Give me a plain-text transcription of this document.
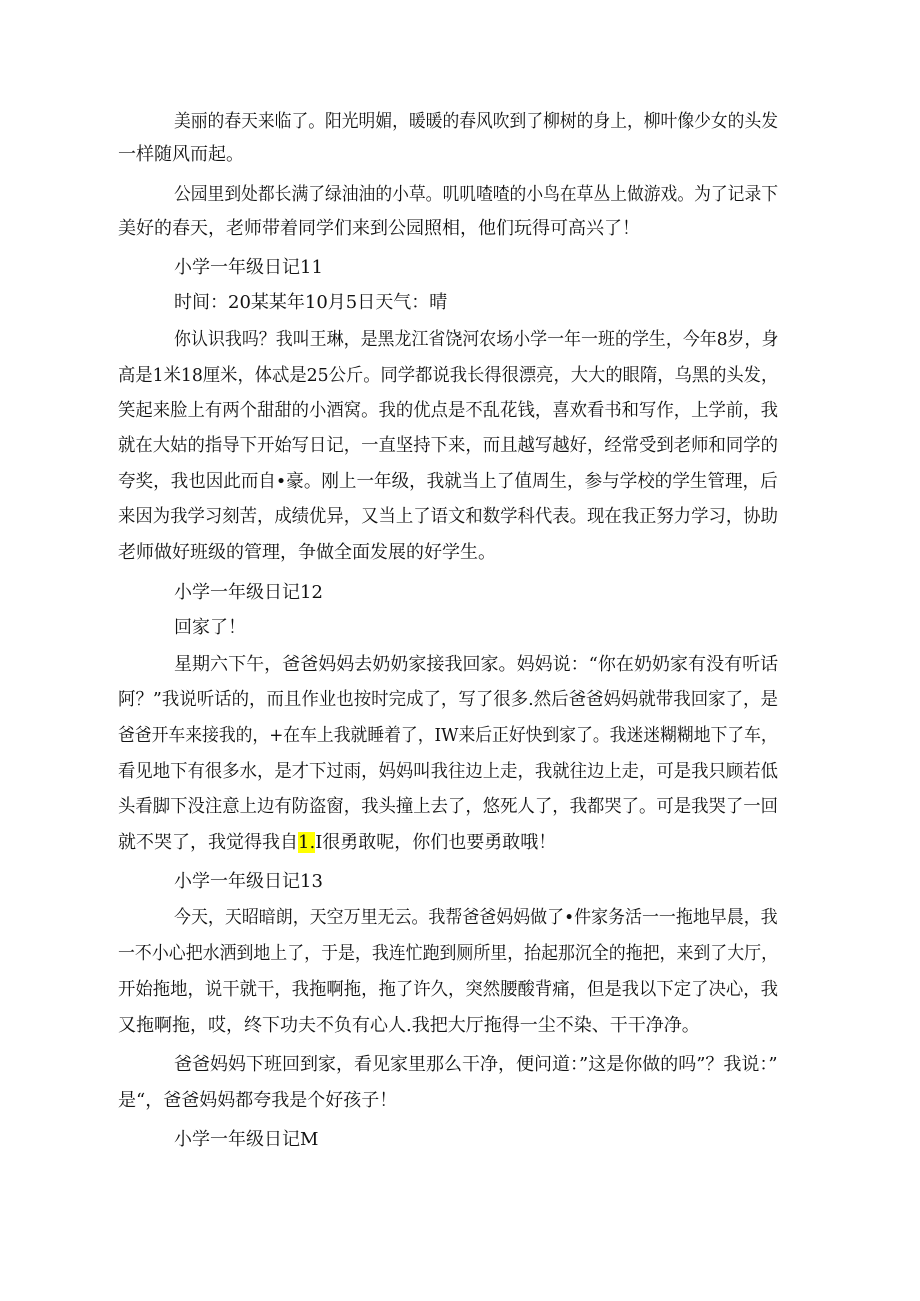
美丽的春天来临了。阳光明媚，暖暖的春风吹到了柳树的身上，柳叶像少女的头发
一样随风而起。
公园里到处都长满了绿油油的小草。叽叽喳喳的小鸟在草丛上做游戏。为了记录下
美好的春天，老师带着同学们来到公园照相，他们玩得可高兴了！
小学一年级日记11
时间：20某某年10月5日天气：晴
你认识我吗？我叫王琳，是黑龙江省饶河农场小学一年一班的学生，今年8岁，身
高是1米18厘米，体忒是25公斤。同学都说我长得很漂亮，大大的眼隋，乌黑的头发，
笑起来脸上有两个甜甜的小酒窝。我的优点是不乱花钱，喜欢看书和写作，上学前，我
就在大姑的指导下开始写日记，一直坚持下来，而且越写越好，经常受到老师和同学的
夸奖，我也因此而自•豪。刚上一年级，我就当上了值周生，参与学校的学生管理，后
来因为我学习刻苦，成绩优异，又当上了语文和数学科代表。现在我正努力学习，协助
老师做好班级的管理，争做全面发展的好学生。
小学一年级日记12
回家了！
星期六下午，爸爸妈妈去奶奶家接我回家。妈妈说：“你在奶奶家有没有听话
阿？”我说听话的，而且作业也按时完成了，写了很多.然后爸爸妈妈就带我回家了，是
爸爸开车来接我的，+在车上我就睡着了，IW来后正好快到家了。我迷迷糊糊地下了车，
看见地下有很多水，是才下过雨，妈妈叫我往边上走，我就往边上走，可是我只顾若低
头看脚下没注意上边有防盗窗，我头撞上去了，悠死人了，我都哭了。可是我哭了一回
就不哭了，我觉得我自1.I很勇敢呢，你们也要勇敢哦！
小学一年级日记13
今天，天昭暗朗，天空万里无云。我帮爸爸妈妈做了•件家务活一一拖地早晨，我
一不小心把水洒到地上了，于是，我连忙跑到厕所里，抬起那沉全的拖把，来到了大厅，
开始拖地，说干就干，我拖啊拖，拖了许久，突然腰酸背痛，但是我以下定了决心，我
又拖啊拖，哎，终下功夫不负有心人.我把大厅拖得一尘不染、干干净净。
爸爸妈妈下班回到家，看见家里那么干净，便问道：”这是你做的吗”？我说：”
是“，爸爸妈妈都夸我是个好孩子！
小学一年级日记M
